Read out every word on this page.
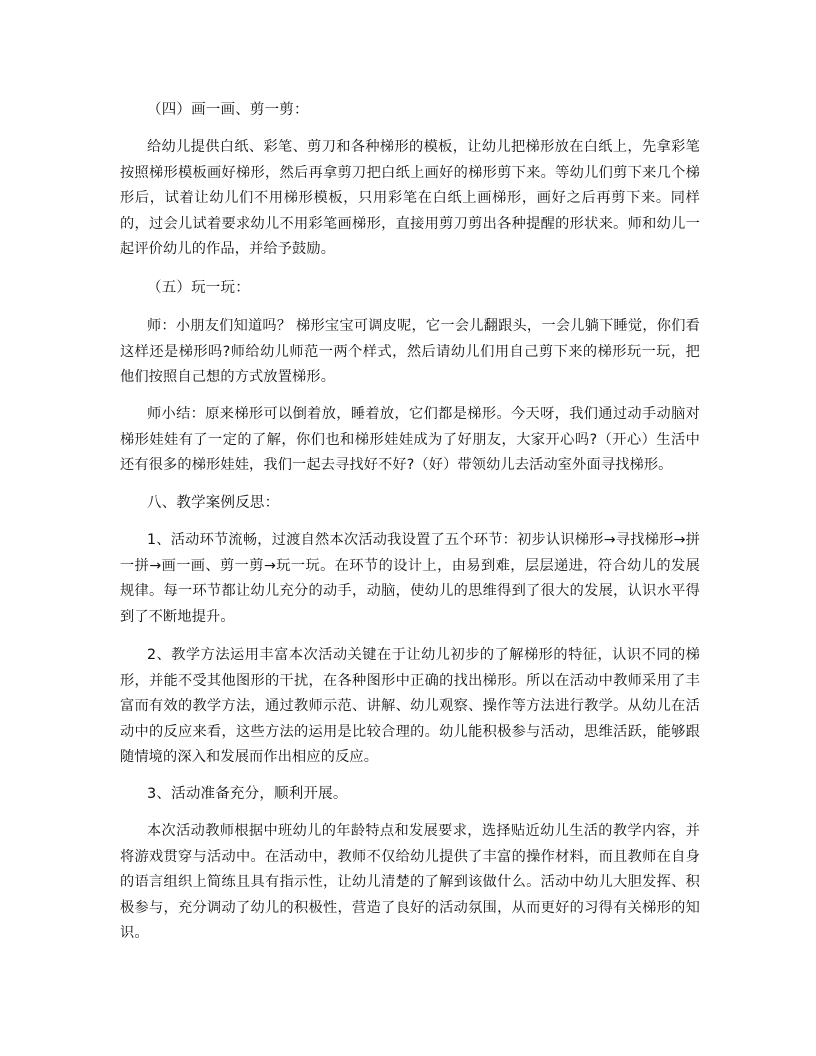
（四）画一画、剪一剪：

给幼儿提供白纸、彩笔、剪刀和各种梯形的模板，让幼儿把梯形放在白纸上，先拿彩笔按照梯形模板画好梯形，然后再拿剪刀把白纸上画好的梯形剪下来。等幼儿们剪下来几个梯形后，试着让幼儿们不用梯形模板，只用彩笔在白纸上画梯形，画好之后再剪下来。同样的，过会儿试着要求幼儿不用彩笔画梯形，直接用剪刀剪出各种提醒的形状来。师和幼儿一起评价幼儿的作品，并给予鼓励。

（五）玩一玩：

师：小朋友们知道吗？ 梯形宝宝可调皮呢，它一会儿翻跟头，一会儿躺下睡觉，你们看这样还是梯形吗?师给幼儿师范一两个样式，然后请幼儿们用自己剪下来的梯形玩一玩，把他们按照自己想的方式放置梯形。

师小结：原来梯形可以倒着放，睡着放，它们都是梯形。今天呀，我们通过动手动脑对梯形娃娃有了一定的了解，你们也和梯形娃娃成为了好朋友，大家开心吗?（开心）生活中还有很多的梯形娃娃，我们一起去寻找好不好?（好）带领幼儿去活动室外面寻找梯形。

八、教学案例反思：

1、活动环节流畅，过渡自然本次活动我设置了五个环节：初步认识梯形→寻找梯形→拼一拼→画一画、剪一剪→玩一玩。在环节的设计上，由易到难，层层递进，符合幼儿的发展规律。每一环节都让幼儿充分的动手，动脑，使幼儿的思维得到了很大的发展，认识水平得到了不断地提升。

2、教学方法运用丰富本次活动关键在于让幼儿初步的了解梯形的特征，认识不同的梯形，并能不受其他图形的干扰，在各种图形中正确的找出梯形。所以在活动中教师采用了丰富而有效的教学方法，通过教师示范、讲解、幼儿观察、操作等方法进行教学。从幼儿在活动中的反应来看，这些方法的运用是比较合理的。幼儿能积极参与活动，思维活跃，能够跟随情境的深入和发展而作出相应的反应。

3、活动准备充分，顺利开展。

本次活动教师根据中班幼儿的年龄特点和发展要求，选择贴近幼儿生活的教学内容，并将游戏贯穿与活动中。在活动中，教师不仅给幼儿提供了丰富的操作材料，而且教师在自身的语言组织上简练且具有指示性，让幼儿清楚的了解到该做什么。活动中幼儿大胆发挥、积极参与，充分调动了幼儿的积极性，营造了良好的活动氛围，从而更好的习得有关梯形的知识。
